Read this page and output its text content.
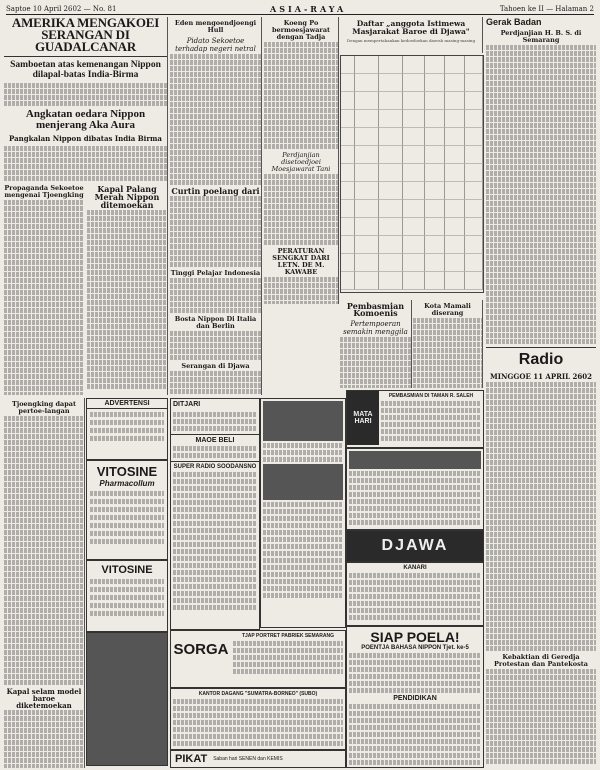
Saptoe 10 April 2602 — No. 81	ASIA-RAYA	Tahoen ke II — Halaman 2
AMERIKA MENGAKOEI SERANGAN DI GUADALCANAR
Samboetan atas kemenangan Nippon dilapal-batas India-Birma
Angkatan oedara Nippon menjerang Aka Aura
Pangkalan Nippon dibatas India Birma
Propaganda Sekoetoe mengenai Tjoengking
Kapal Palang Merah Nippon ditemoekan
Tjoengking dapat pertoe-langan
Kapal selam model baroe diketemoekan
ADVERTENSI
VITOSINE
Pharmacollum
VITOSINE
Eden mengoendjoengi Hull
Pidato Sekoetoe terhadap negeri netral
Curtin poelang dari
Tinggi Pelajar Indonesia
Bosta Nippon Di Italia dan Berlin
Serangan di Djawa
Koeng Po bermoesjawarat dengan Tadja
Perdjanjian disetoedjoei Moesjawarat Tani
PERATURAN SENGKAT DARI LETN. DE M. KAWABE
Daftar „anggota Istimewa Masjarakat Baroe di Djawa"
Dengan mempertahankan kedoedoekan daerah masing-masing
Pembasmian Komoenis
Pertempoeran semakin menggila
Kota Mamali diserang
Gerak Badan
Perdjanjian H. B. S. di Semarang
Radio
MINGGOE 11 APRIL 2602
Kebaktian di Geredja Protestan dan Pantekosta
DITJARI
MAOE BELI
SUPER RADIO SOODANSNO
SORGA
TJAP PORTRET PABRIEK SEMARANG
KANTOR DAGANG "SUMATRA-BORNEO" (SUBO)
PIKAT Saban hari SENEN dan KEMIS
MATA HARI
PEMBASMIAN DI TAMAN R. SALEH
DJAWA
KANARI
SIAP POELA!
POENTJA BAHASA NIPPON Tjet. ke-5
PENDIDIKAN
